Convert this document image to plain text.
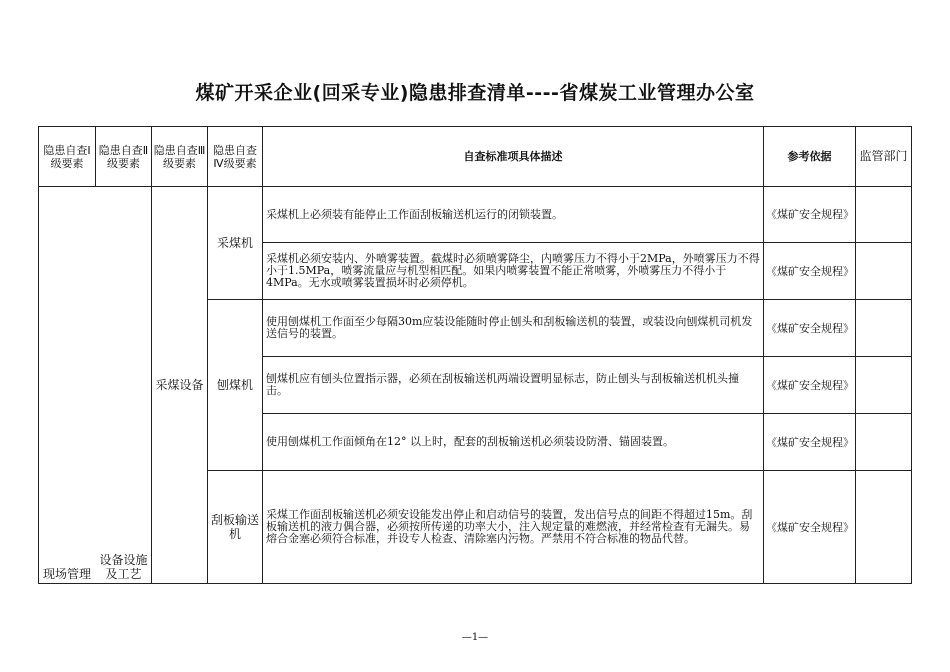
煤矿开采企业(回采专业)隐患排查清单----省煤炭工业管理办公室
隐患自查Ⅰ级要素	隐患自查Ⅱ级要素	隐患自查Ⅲ级要素	隐患自查Ⅳ级要素	自查标准项具体描述	参考依据	监管部门
现场管理	设备设施及工艺	采煤设备	采煤机	采煤机上必须装有能停止工作面刮板输送机运行的闭锁装置。	《煤矿安全规程》	
				采煤机必须安装内、外喷雾装置。截煤时必须喷雾降尘，内喷雾压力不得小于2MPa，外喷雾压力不得小于1.5MPa，喷雾流量应与机型相匹配。如果内喷雾装置不能正常喷雾，外喷雾压力不得小于4MPa。无水或喷雾装置损坏时必须停机。	《煤矿安全规程》	
			刨煤机	使用刨煤机工作面至少每隔30m应装设能随时停止刨头和刮板输送机的装置，或装设向刨煤机司机发送信号的装置。	《煤矿安全规程》	
				刨煤机应有刨头位置指示器，必须在刮板输送机两端设置明显标志，防止刨头与刮板输送机机头撞击。	《煤矿安全规程》	
				使用刨煤机工作面倾角在12° 以上时，配套的刮板输送机必须装设防滑、锚固装置。	《煤矿安全规程》	
			刮板输送机	采煤工作面刮板输送机必须安设能发出停止和启动信号的装置，发出信号点的间距不得超过15m。刮板输送机的液力偶合器，必须按所传递的功率大小，注入规定量的难燃液，并经常检查有无漏失。易熔合金塞必须符合标准，并设专人检查、清除塞内污物。严禁用不符合标准的物品代替。	《煤矿安全规程》	
—1—
